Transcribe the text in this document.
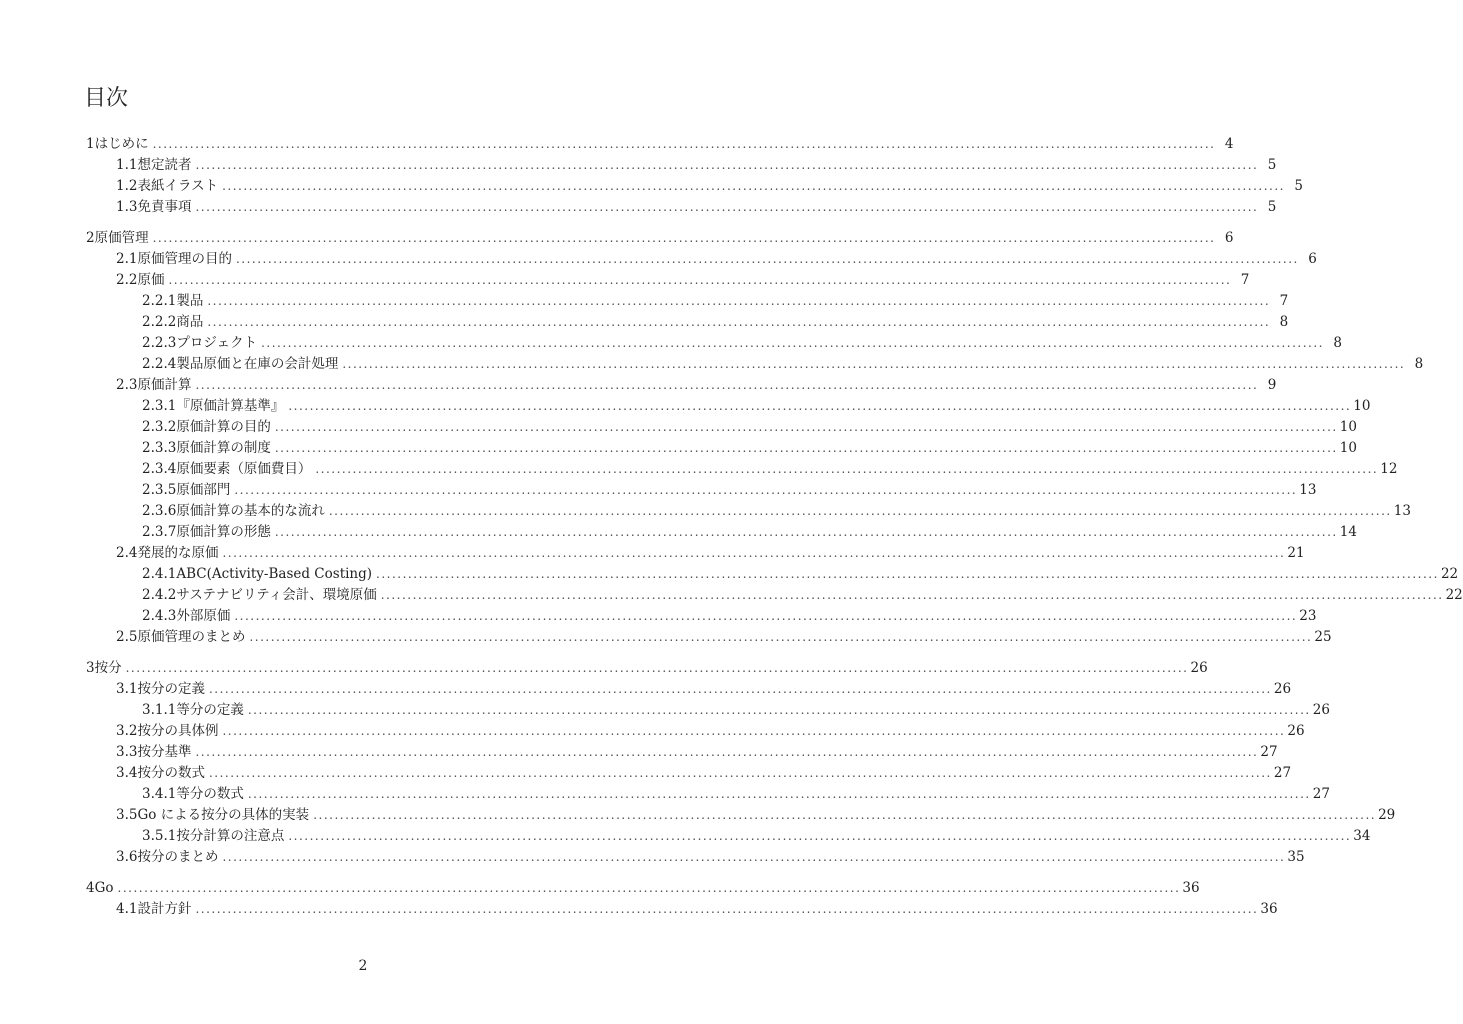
目次
1 はじめに ........................................................................................................................................................................................................ 4
1.1 想定読者 ........................................................................................................................................................................................................ 5
1.2 表紙イラスト ........................................................................................................................................................................................................ 5
1.3 免責事項 ........................................................................................................................................................................................................ 5
2 原価管理 ........................................................................................................................................................................................................ 6
2.1 原価管理の目的 ........................................................................................................................................................................................................ 6
2.2 原価 ........................................................................................................................................................................................................ 7
2.2.1 製品 ........................................................................................................................................................................................................ 7
2.2.2 商品 ........................................................................................................................................................................................................ 8
2.2.3 プロジェクト ........................................................................................................................................................................................................ 8
2.2.4 製品原価と在庫の会計処理 ........................................................................................................................................................................................................ 8
2.3 原価計算 ........................................................................................................................................................................................................ 9
2.3.1 『原価計算基準』 ........................................................................................................................................................................................................ 10
2.3.2 原価計算の目的 ........................................................................................................................................................................................................ 10
2.3.3 原価計算の制度 ........................................................................................................................................................................................................ 10
2.3.4 原価要素（原価費目） ........................................................................................................................................................................................................ 12
2.3.5 原価部門 ........................................................................................................................................................................................................ 13
2.3.6 原価計算の基本的な流れ ........................................................................................................................................................................................................ 13
2.3.7 原価計算の形態 ........................................................................................................................................................................................................ 14
2.4 発展的な原価 ........................................................................................................................................................................................................ 21
2.4.1 ABC(Activity-Based Costing) ........................................................................................................................................................................................................ 22
2.4.2 サステナビリティ会計、環境原価 ........................................................................................................................................................................................................ 22
2.4.3 外部原価 ........................................................................................................................................................................................................ 23
2.5 原価管理のまとめ ........................................................................................................................................................................................................ 25
3 按分 ........................................................................................................................................................................................................ 26
3.1 按分の定義 ........................................................................................................................................................................................................ 26
3.1.1 等分の定義 ........................................................................................................................................................................................................ 26
3.2 按分の具体例 ........................................................................................................................................................................................................ 26
3.3 按分基準 ........................................................................................................................................................................................................ 27
3.4 按分の数式 ........................................................................................................................................................................................................ 27
3.4.1 等分の数式 ........................................................................................................................................................................................................ 27
3.5 Go による按分の具体的実装 ........................................................................................................................................................................................................ 29
3.5.1 按分計算の注意点 ........................................................................................................................................................................................................ 34
3.6 按分のまとめ ........................................................................................................................................................................................................ 35
4 Go ........................................................................................................................................................................................................ 36
4.1 設計方針 ........................................................................................................................................................................................................ 36
2
